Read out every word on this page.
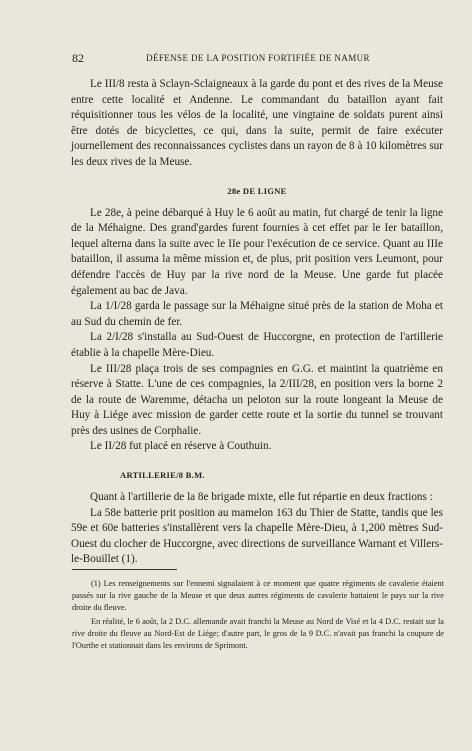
82	DÉFENSE DE LA POSITION FORTIFIÉE DE NAMUR

Le III/8 resta à Sclayn-Sclaigneaux à la garde du pont et des rives de la Meuse entre cette localité et Andenne. Le commandant du bataillon ayant fait réquisitionner tous les vélos de la localité, une vingtaine de soldats purent ainsi être dotés de bicyclettes, ce qui, dans la suite, permit de faire exécuter journellement des reconnaissances cyclistes dans un rayon de 8 à 10 kilomètres sur les deux rives de la Meuse.

28e DE LIGNE

Le 28e, à peine débarqué à Huy le 6 août au matin, fut chargé de tenir la ligne de la Méhaigne. Des grand'gardes furent fournies à cet effet par le Ier bataillon, lequel alterna dans la suite avec le IIe pour l'exécution de ce service. Quant au IIIe bataillon, il assuma la même mission et, de plus, prit position vers Leumont, pour défendre l'accès de Huy par la rive nord de la Meuse. Une garde fut placée également au bac de Java.

La 1/I/28 garda le passage sur la Méhaigne situé près de la station de Moha et au Sud du chemin de fer.

La 2/I/28 s'installa au Sud-Ouest de Huccorgne, en protection de l'artillerie établie à la chapelle Mère-Dieu.

Le III/28 plaça trois de ses compagnies en G.G. et maintint la quatrième en réserve à Statte. L'une de ces compagnies, la 2/III/28, en position vers la borne 2 de la route de Waremme, détacha un peloton sur la route longeant la Meuse de Huy à Liége avec mission de garder cette route et la sortie du tunnel se trouvant près des usines de Corphalie.

Le II/28 fut placé en réserve à Couthuin.

ARTILLERIE/8 B.M.

Quant à l'artillerie de la 8e brigade mixte, elle fut répartie en deux fractions :

La 58e batterie prit position au mamelon 163 du Thier de Statte, tandis que les 59e et 60e batteries s'installèrent vers la chapelle Mère-Dieu, à 1,200 mètres Sud-Ouest du clocher de Huccorgne, avec directions de surveillance Warnant et Villers-le-Bouillet (1).

(1) Les renseignements sur l'ennemi signalaient à ce moment que quatre régiments de cavalerie étaient passés sur la rive gauche de la Meuse et que deux autres régiments de cavalerie battaient le pays sur la rive droite du fleuve.

En réalité, le 6 août, la 2 D.C. allemande avait franchi la Meuse au Nord de Visé et la 4 D.C. restait sur la rive droite du fleuve au Nord-Est de Liége; d'autre part, le gros de la 9 D.C. n'avait pas franchi la coupure de l'Ourthe et stationnait dans les environs de Sprimont.
